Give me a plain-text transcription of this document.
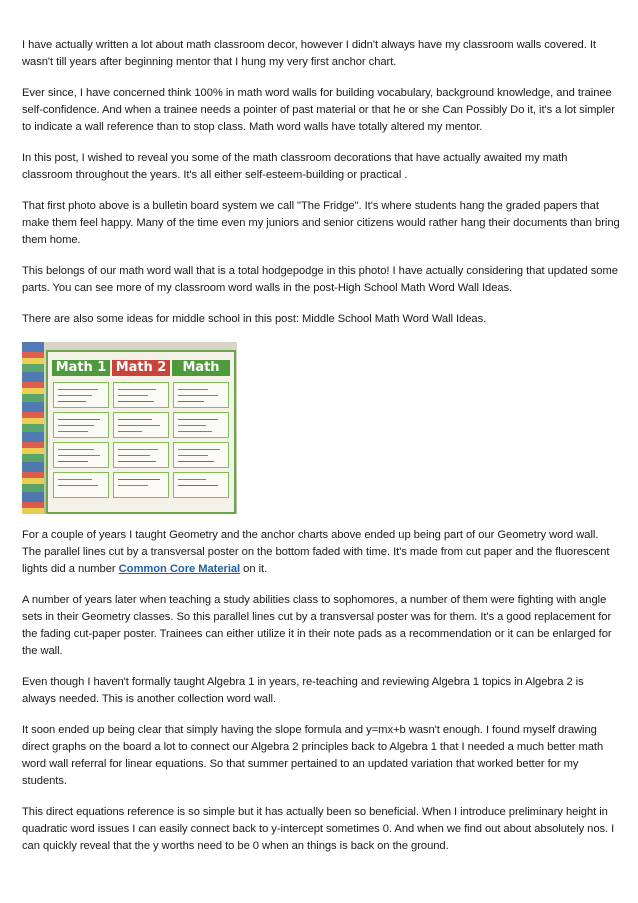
I have actually written a lot about math classroom decor, however I didn't always have my classroom walls covered. It wasn't till years after beginning mentor that I hung my very first anchor chart.

Ever since, I have concerned think 100% in math word walls for building vocabulary, background knowledge, and trainee self-confidence. And when a trainee needs a pointer of past material or that he or she Can Possibly Do it, it's a lot simpler to indicate a wall reference than to stop class. Math word walls have totally altered my mentor.

In this post, I wished to reveal you some of the math classroom decorations that have actually awaited my math classroom throughout the years. It's all either self-esteem-building or practical .

That first photo above is a bulletin board system we call "The Fridge". It's where students hang the graded papers that make them feel happy. Many of the time even my juniors and senior citizens would rather hang their documents than bring them home.

This belongs of our math word wall that is a total hodgepodge in this photo! I have actually considering that updated some parts. You can see more of my classroom word walls in the post-High School Math Word Wall Ideas.

There are also some ideas for middle school in this post: Middle School Math Word Wall Ideas.

Math 1 Math 2	Math

For a couple of years I taught Geometry and the anchor charts above ended up being part of our Geometry word wall. The parallel lines cut by a transversal poster on the bottom faded with time. It's made from cut paper and the fluorescent lights did a number Common Core Material on it.

A number of years later when teaching a study abilities class to sophomores, a number of them were fighting with angle sets in their Geometry classes. So this parallel lines cut by a transversal poster was for them. It's a good replacement for the fading cut-paper poster. Trainees can either utilize it in their note pads as a recommendation or it can be enlarged for the wall.

Even though I haven't formally taught Algebra 1 in years, re-teaching and reviewing Algebra 1 topics in Algebra 2 is always needed. This is another collection word wall.

It soon ended up being clear that simply having the slope formula and y=mx+b wasn't enough. I found myself drawing direct graphs on the board a lot to connect our Algebra 2 principles back to Algebra 1 that I needed a much better math word wall referral for linear equations. So that summer pertained to an updated variation that worked better for my students.

This direct equations reference is so simple but it has actually been so beneficial. When I introduce preliminary height in quadratic word issues I can easily connect back to y-intercept sometimes 0. And when we find out about absolutely nos. I can quickly reveal that the y worths need to be 0 when an things is back on the ground.
